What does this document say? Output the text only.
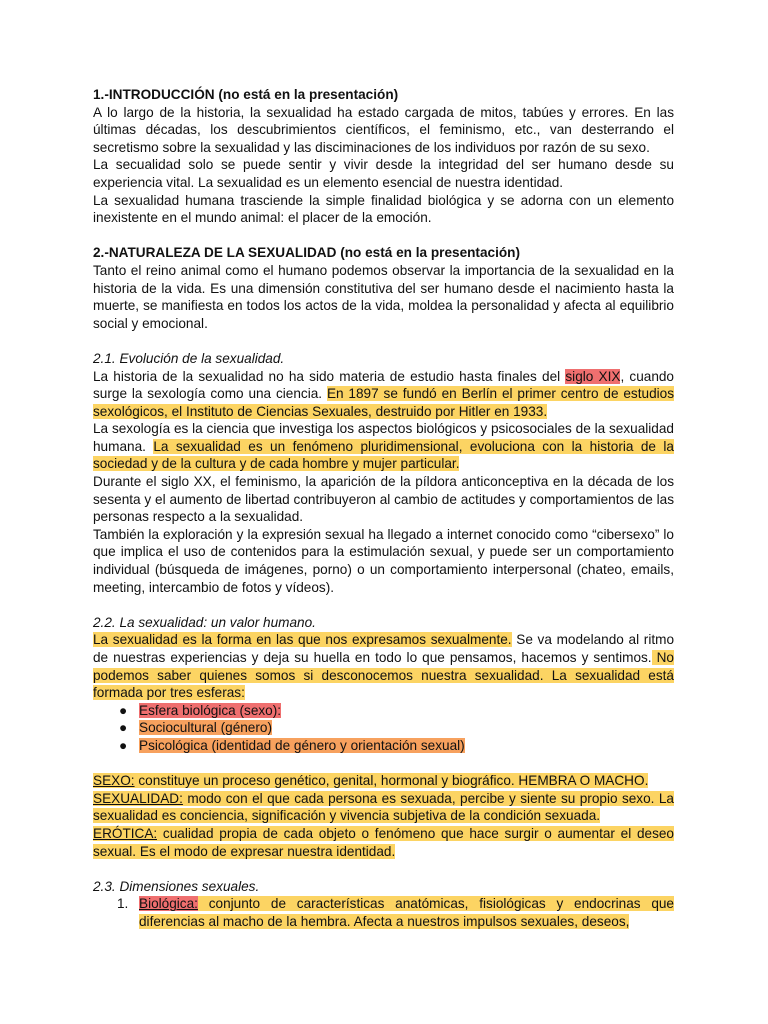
1.-INTRODUCCIÓN (no está en la presentación)

A lo largo de la historia, la sexualidad ha estado cargada de mitos, tabúes y errores. En las últimas décadas, los descubrimientos científicos, el feminismo, etc., van desterrando el secretismo sobre la sexualidad y las disciminaciones de los individuos por razón de su sexo.

La secualidad solo se puede sentir y vivir desde la integridad del ser humano desde su experiencia vital. La sexualidad es un elemento esencial de nuestra identidad.

La sexualidad humana trasciende la simple finalidad biológica y se adorna con un elemento inexistente en el mundo animal: el placer de la emoción.

2.-NATURALEZA DE LA SEXUALIDAD (no está en la presentación)

Tanto el reino animal como el humano podemos observar la importancia de la sexualidad en la historia de la vida. Es una dimensión constitutiva del ser humano desde el nacimiento hasta la muerte, se manifiesta en todos los actos de la vida, moldea la personalidad y afecta al equilibrio social y emocional.

2.1. Evolución de la sexualidad.

La historia de la sexualidad no ha sido materia de estudio hasta finales del siglo XIX, cuando surge la sexología como una ciencia. En 1897 se fundó en Berlín el primer centro de estudios sexológicos, el Instituto de Ciencias Sexuales, destruido por Hitler en 1933.

La sexología es la ciencia que investiga los aspectos biológicos y psicosociales de la sexualidad humana. La sexualidad es un fenómeno pluridimensional, evoluciona con la historia de la sociedad y de la cultura y de cada hombre y mujer particular.

Durante el siglo XX, el feminismo, la aparición de la píldora anticonceptiva en la década de los sesenta y el aumento de libertad contribuyeron al cambio de actitudes y comportamientos de las personas respecto a la sexualidad.

También la exploración y la expresión sexual ha llegado a internet conocido como “cibersexo” lo que implica el uso de contenidos para la estimulación sexual, y puede ser un comportamiento individual (búsqueda de imágenes, porno) o un comportamiento interpersonal (chateo, emails, meeting, intercambio de fotos y vídeos).

2.2. La sexualidad: un valor humano.

La sexualidad es la forma en las que nos expresamos sexualmente. Se va modelando al ritmo de nuestras experiencias y deja su huella en todo lo que pensamos, hacemos y sentimos. No podemos saber quienes somos si desconocemos nuestra sexualidad. La sexualidad está formada por tres esferas:

● Esfera biológica (sexo):
● Sociocultural (género)
● Psicológica (identidad de género y orientación sexual)

SEXO: constituye un proceso genético, genital, hormonal y biográfico. HEMBRA O MACHO.

SEXUALIDAD: modo con el que cada persona es sexuada, percibe y siente su propio sexo. La sexualidad es conciencia, significación y vivencia subjetiva de la condición sexuada.

ERÓTICA: cualidad propia de cada objeto o fenómeno que hace surgir o aumentar el deseo sexual. Es el modo de expresar nuestra identidad.

2.3. Dimensiones sexuales.

1. Biológica: conjunto de características anatómicas, fisiológicas y endocrinas que diferencias al macho de la hembra. Afecta a nuestros impulsos sexuales, deseos,
